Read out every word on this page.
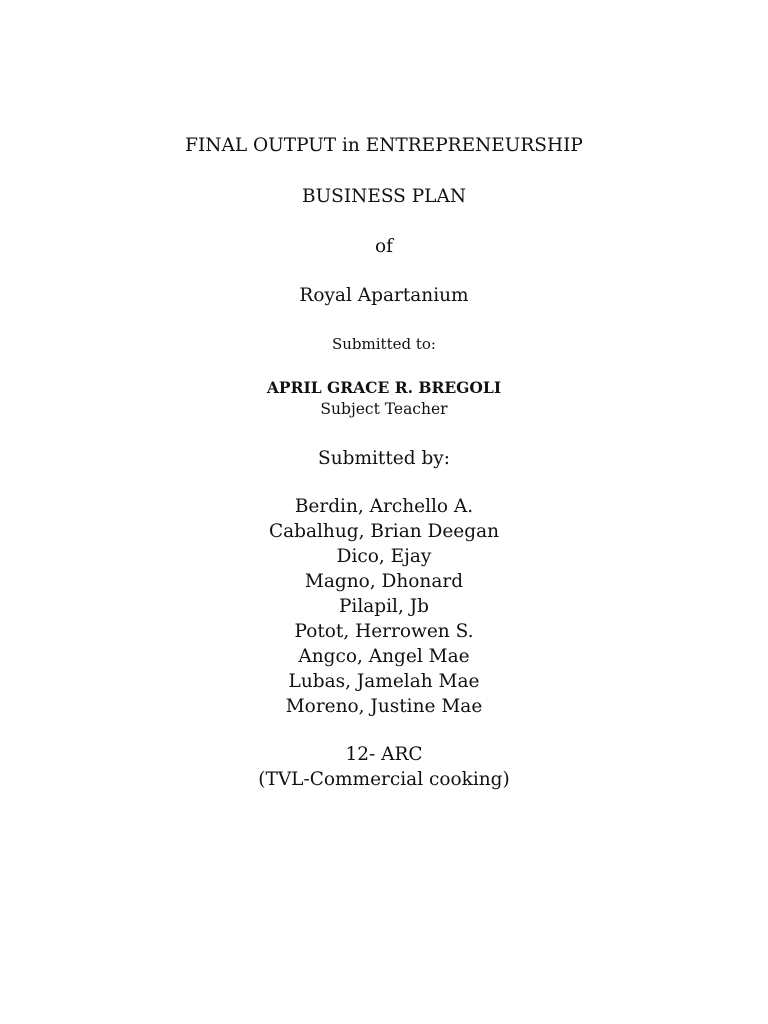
FINAL OUTPUT in ENTREPRENEURSHIP
BUSINESS PLAN
of
Royal Apartanium
Submitted to:
APRIL GRACE R. BREGOLI
Subject Teacher
Submitted by:
Berdin, Archello A.
Cabalhug, Brian Deegan
Dico, Ejay
Magno, Dhonard
Pilapil, Jb
Potot, Herrowen S.
Angco, Angel Mae
Lubas, Jamelah Mae
Moreno, Justine Mae
12- ARC
(TVL-Commercial cooking)
